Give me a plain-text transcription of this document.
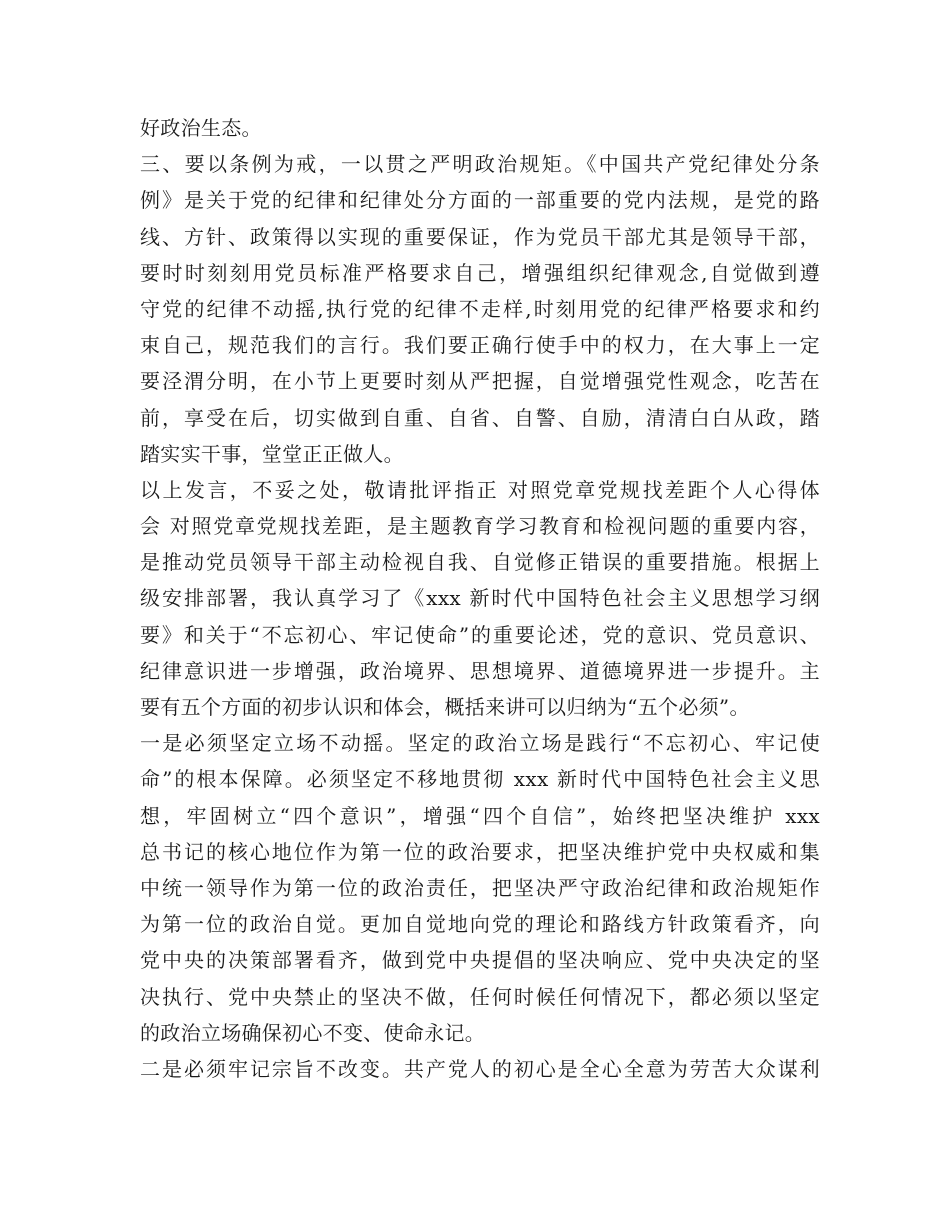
好政治生态。
三、要以条例为戒，一以贯之严明政治规矩。《中国共产党纪律处分条
例》是关于党的纪律和纪律处分方面的一部重要的党内法规，是党的路
线、方针、政策得以实现的重要保证，作为党员干部尤其是领导干部，
要时时刻刻用党员标准严格要求自己，增强组织纪律观念,自觉做到遵
守党的纪律不动摇,执行党的纪律不走样,时刻用党的纪律严格要求和约
束自己，规范我们的言行。我们要正确行使手中的权力，在大事上一定
要泾渭分明，在小节上更要时刻从严把握，自觉增强党性观念，吃苦在
前，享受在后，切实做到自重、自省、自警、自励，清清白白从政，踏
踏实实干事，堂堂正正做人。
以上发言，不妥之处，敬请批评指正 对照党章党规找差距个人心得体
会 对照党章党规找差距，是主题教育学习教育和检视问题的重要内容，
是推动党员领导干部主动检视自我、自觉修正错误的重要措施。根据上
级安排部署，我认真学习了《xxx 新时代中国特色社会主义思想学习纲
要》和关于“不忘初心、牢记使命”的重要论述，党的意识、党员意识、
纪律意识进一步增强，政治境界、思想境界、道德境界进一步提升。主
要有五个方面的初步认识和体会，概括来讲可以归纳为“五个必须”。
一是必须坚定立场不动摇。坚定的政治立场是践行“不忘初心、牢记使
命”的根本保障。必须坚定不移地贯彻 xxx 新时代中国特色社会主义思
想，牢固树立“四个意识”，增强“四个自信”，始终把坚决维护 xxx
总书记的核心地位作为第一位的政治要求，把坚决维护党中央权威和集
中统一领导作为第一位的政治责任，把坚决严守政治纪律和政治规矩作
为第一位的政治自觉。更加自觉地向党的理论和路线方针政策看齐，向
党中央的决策部署看齐，做到党中央提倡的坚决响应、党中央决定的坚
决执行、党中央禁止的坚决不做，任何时候任何情况下，都必须以坚定
的政治立场确保初心不变、使命永记。
二是必须牢记宗旨不改变。共产党人的初心是全心全意为劳苦大众谋利
